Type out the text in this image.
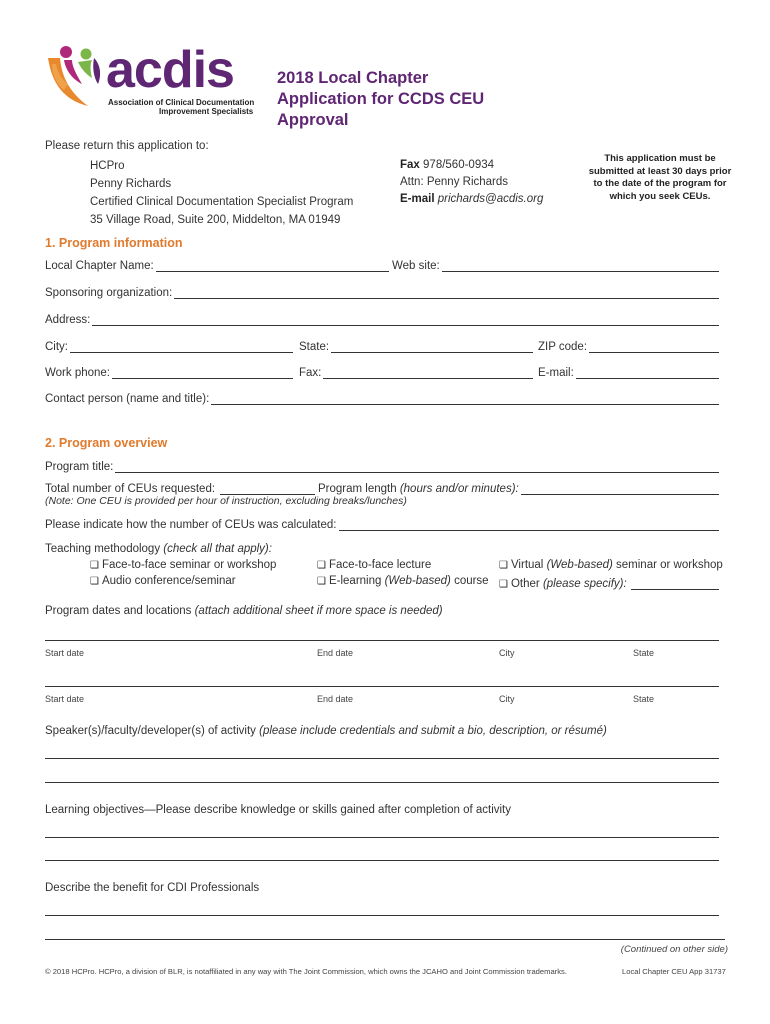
acdis
Association of Clinical Documentation
Improvement Specialists
2018 Local Chapter
Application for CCDS CEU
Approval
Please return this application to:
HCPro
Penny Richards
Certified Clinical Documentation Specialist Program
35 Village Road, Suite 200, Middelton, MA 01949
Fax 978/560-0934
Attn: Penny Richards
E-mail prichards@acdis.org
This application must be
submitted at least 30 days prior
to the date of the program for
which you seek CEUs.
1. Program information
Local Chapter Name:	Web site:
Sponsoring organization:
Address:
City:	State:	ZIP code:
Work phone:	Fax:	E-mail:
Contact person (name and title):
2. Program overview
Program title:
Total number of CEUs requested:	Program length (hours and/or minutes):
(Note: One CEU is provided per hour of instruction, excluding breaks/lunches)
Please indicate how the number of CEUs was calculated:
Teaching methodology (check all that apply):
❑ Face-to-face seminar or workshop
❑ Audio conference/seminar
❑ Face-to-face lecture
❑ E-learning (Web-based) course
❑ Virtual (Web-based) seminar or workshop
❑ Other (please specify):
Program dates and locations (attach additional sheet if more space is needed)
Start date	End date	City	State
Start date	End date	City	State
Speaker(s)/faculty/developer(s) of activity (please include credentials and submit a bio, description, or résumé)
Learning objectives—Please describe knowledge or skills gained after completion of activity
Describe the benefit for CDI Professionals
(Continued on other side)
© 2018 HCPro. HCPro, a division of BLR, is notaffiliated in any way with The Joint Commission, which owns the JCAHO and Joint Commission trademarks.	Local Chapter CEU App 31737
